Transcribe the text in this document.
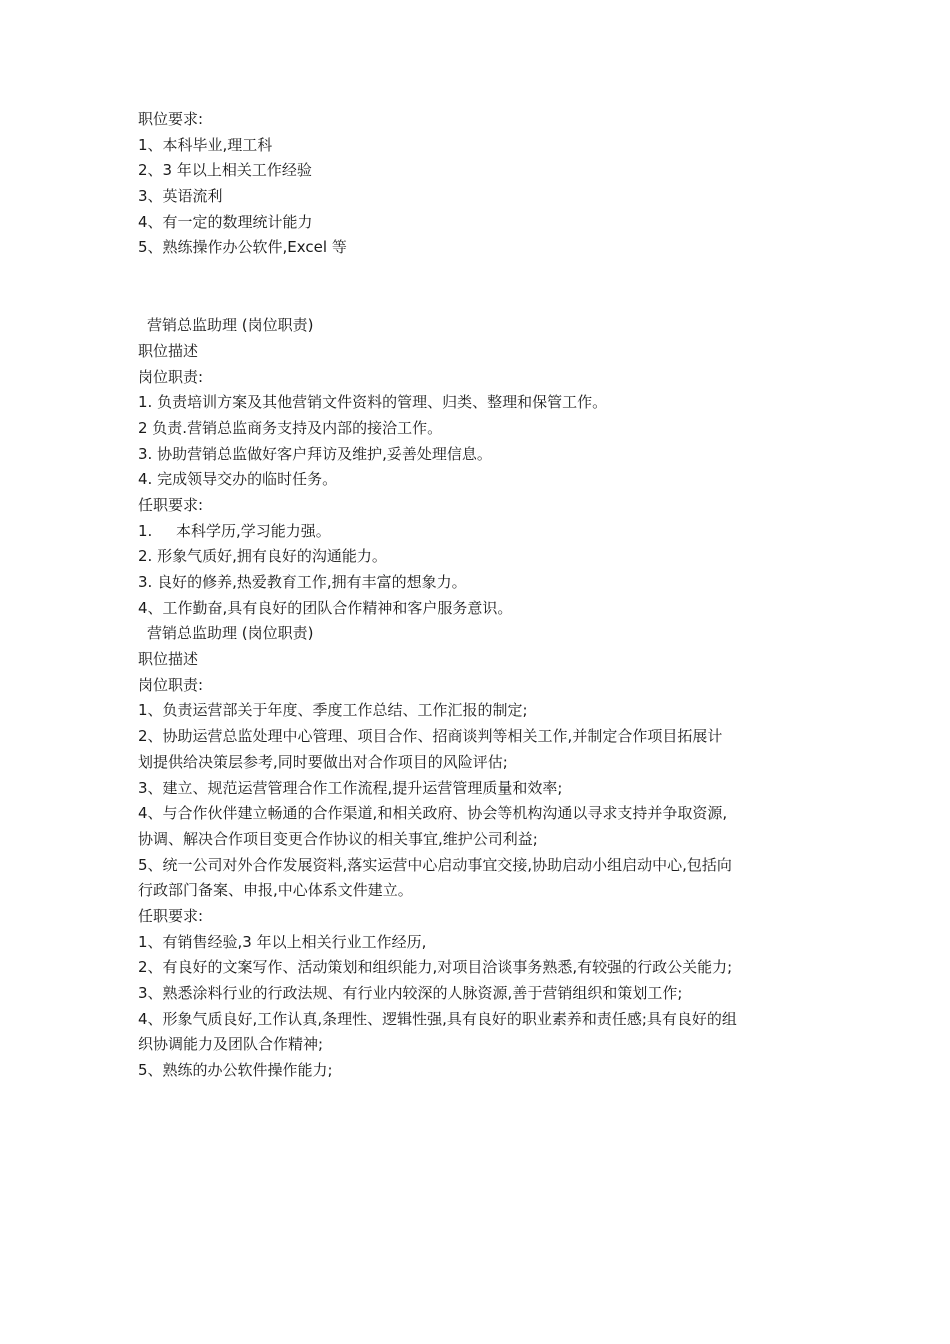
职位要求:
1、本科毕业,理工科
2、3 年以上相关工作经验
3、英语流利
4、有一定的数理统计能力
5、熟练操作办公软件,Excel 等
营销总监助理 (岗位职责)
职位描述
岗位职责:
1. 负责培训方案及其他营销文件资料的管理、归类、整理和保管工作。
2 负责.营销总监商务支持及内部的接洽工作。
3. 协助营销总监做好客户拜访及维护,妥善处理信息。
4. 完成领导交办的临时任务。
任职要求:
1. 本科学历,学习能力强。
2. 形象气质好,拥有良好的沟通能力。
3. 良好的修养,热爱教育工作,拥有丰富的想象力。
4、工作勤奋,具有良好的团队合作精神和客户服务意识。
营销总监助理 (岗位职责)
职位描述
岗位职责:
1、负责运营部关于年度、季度工作总结、工作汇报的制定;
2、协助运营总监处理中心管理、项目合作、招商谈判等相关工作,并制定合作项目拓展计
划提供给决策层参考,同时要做出对合作项目的风险评估;
3、建立、规范运营管理合作工作流程,提升运营管理质量和效率;
4、与合作伙伴建立畅通的合作渠道,和相关政府、协会等机构沟通以寻求支持并争取资源,
协调、解决合作项目变更合作协议的相关事宜,维护公司利益;
5、统一公司对外合作发展资料,落实运营中心启动事宜交接,协助启动小组启动中心,包括向
行政部门备案、申报,中心体系文件建立。
任职要求:
1、有销售经验,3 年以上相关行业工作经历,
2、有良好的文案写作、活动策划和组织能力,对项目洽谈事务熟悉,有较强的行政公关能力;
3、熟悉涂料行业的行政法规、有行业内较深的人脉资源,善于营销组织和策划工作;
4、形象气质良好,工作认真,条理性、逻辑性强,具有良好的职业素养和责任感;具有良好的组
织协调能力及团队合作精神;
5、熟练的办公软件操作能力;
